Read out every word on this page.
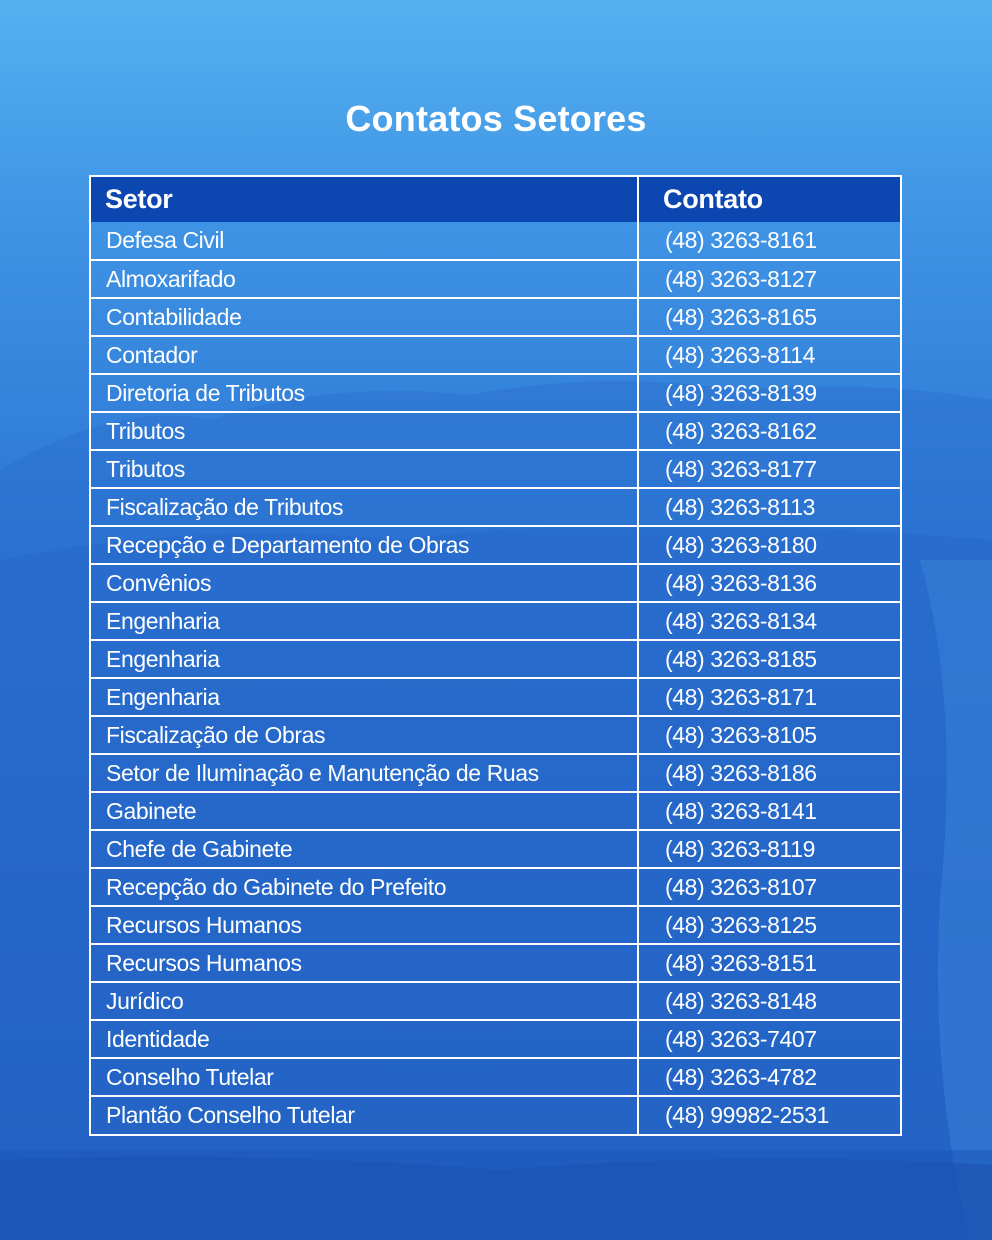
Contatos Setores
Setor	Contato
Defesa Civil	(48) 3263-8161
Almoxarifado	(48) 3263-8127
Contabilidade	(48) 3263-8165
Contador	(48) 3263-8114
Diretoria de Tributos	(48) 3263-8139
Tributos	(48) 3263-8162
Tributos	(48) 3263-8177
Fiscalização de Tributos	(48) 3263-8113
Recepção e Departamento de Obras	(48) 3263-8180
Convênios	(48) 3263-8136
Engenharia	(48) 3263-8134
Engenharia	(48) 3263-8185
Engenharia	(48) 3263-8171
Fiscalização de Obras	(48) 3263-8105
Setor de Iluminação e Manutenção de Ruas	(48) 3263-8186
Gabinete	(48) 3263-8141
Chefe de Gabinete	(48) 3263-8119
Recepção do Gabinete do Prefeito	(48) 3263-8107
Recursos Humanos	(48) 3263-8125
Recursos Humanos	(48) 3263-8151
Jurídico	(48) 3263-8148
Identidade	(48) 3263-7407
Conselho Tutelar	(48) 3263-4782
Plantão Conselho Tutelar	(48) 99982-2531
